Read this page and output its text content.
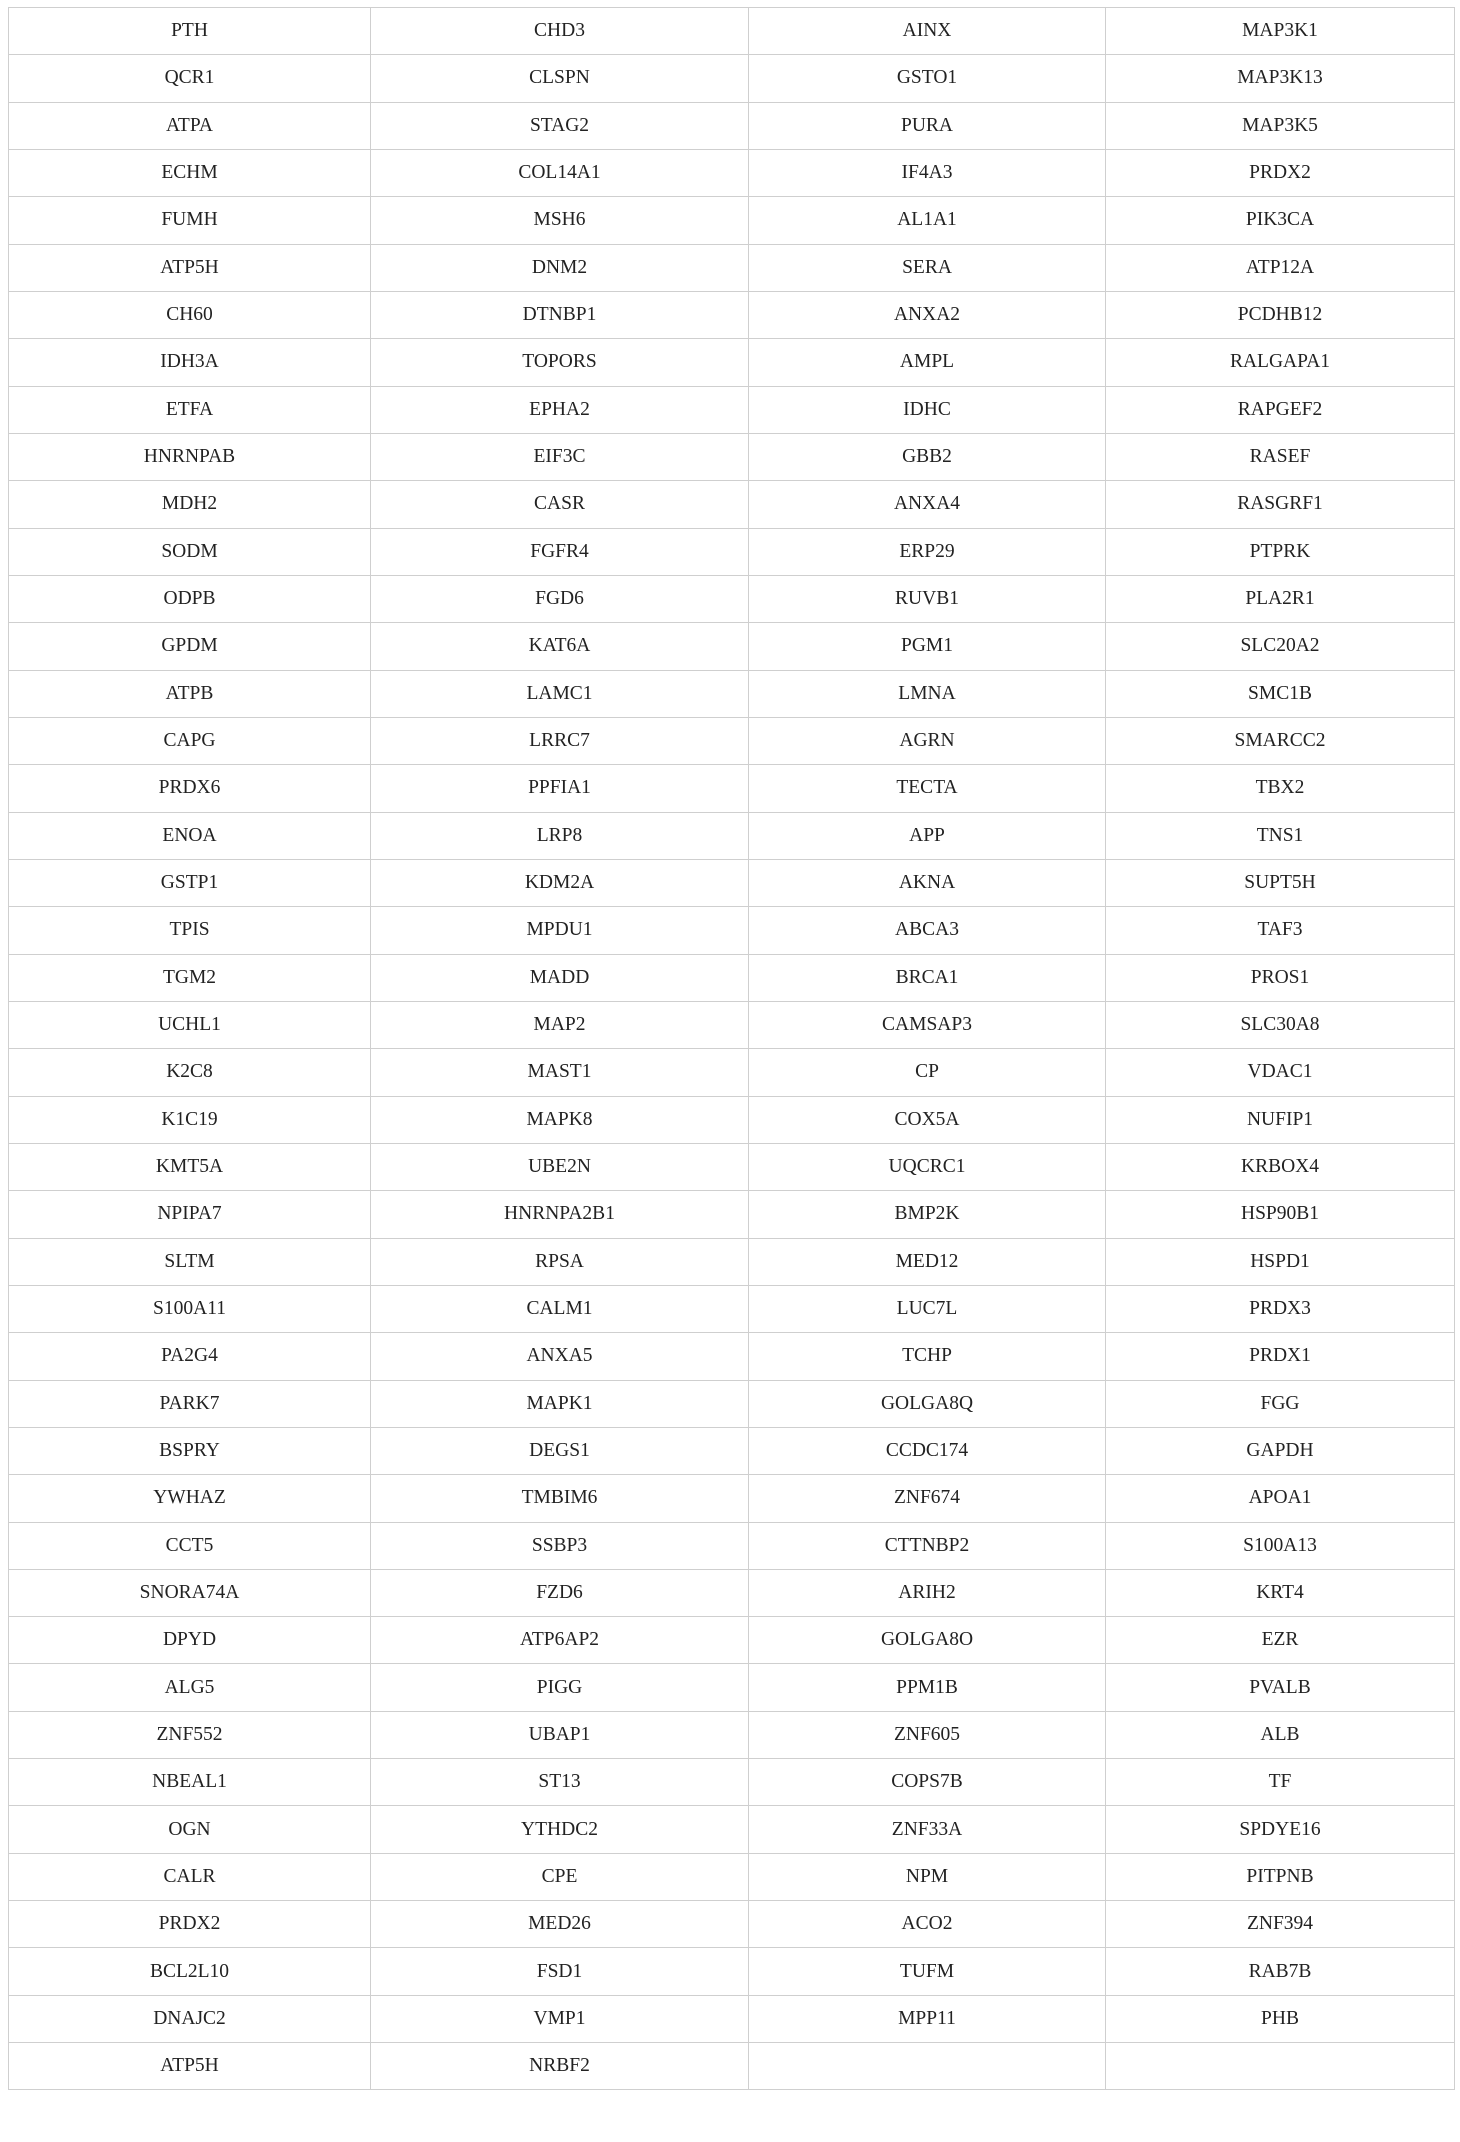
PTH	CHD3	AINX	MAP3K1
QCR1	CLSPN	GSTO1	MAP3K13
ATPA	STAG2	PURA	MAP3K5
ECHM	COL14A1	IF4A3	PRDX2
FUMH	MSH6	AL1A1	PIK3CA
ATP5H	DNM2	SERA	ATP12A
CH60	DTNBP1	ANXA2	PCDHB12
IDH3A	TOPORS	AMPL	RALGAPA1
ETFA	EPHA2	IDHC	RAPGEF2
HNRNPAB	EIF3C	GBB2	RASEF
MDH2	CASR	ANXA4	RASGRF1
SODM	FGFR4	ERP29	PTPRK
ODPB	FGD6	RUVB1	PLA2R1
GPDM	KAT6A	PGM1	SLC20A2
ATPB	LAMC1	LMNA	SMC1B
CAPG	LRRC7	AGRN	SMARCC2
PRDX6	PPFIA1	TECTA	TBX2
ENOA	LRP8	APP	TNS1
GSTP1	KDM2A	AKNA	SUPT5H
TPIS	MPDU1	ABCA3	TAF3
TGM2	MADD	BRCA1	PROS1
UCHL1	MAP2	CAMSAP3	SLC30A8
K2C8	MAST1	CP	VDAC1
K1C19	MAPK8	COX5A	NUFIP1
KMT5A	UBE2N	UQCRC1	KRBOX4
NPIPA7	HNRNPA2B1	BMP2K	HSP90B1
SLTM	RPSA	MED12	HSPD1
S100A11	CALM1	LUC7L	PRDX3
PA2G4	ANXA5	TCHP	PRDX1
PARK7	MAPK1	GOLGA8Q	FGG
BSPRY	DEGS1	CCDC174	GAPDH
YWHAZ	TMBIM6	ZNF674	APOA1
CCT5	SSBP3	CTTNBP2	S100A13
SNORA74A	FZD6	ARIH2	KRT4
DPYD	ATP6AP2	GOLGA8O	EZR
ALG5	PIGG	PPM1B	PVALB
ZNF552	UBAP1	ZNF605	ALB
NBEAL1	ST13	COPS7B	TF
OGN	YTHDC2	ZNF33A	SPDYE16
CALR	CPE	NPM	PITPNB
PRDX2	MED26	ACO2	ZNF394
BCL2L10	FSD1	TUFM	RAB7B
DNAJC2	VMP1	MPP11	PHB
ATP5H	NRBF2		
